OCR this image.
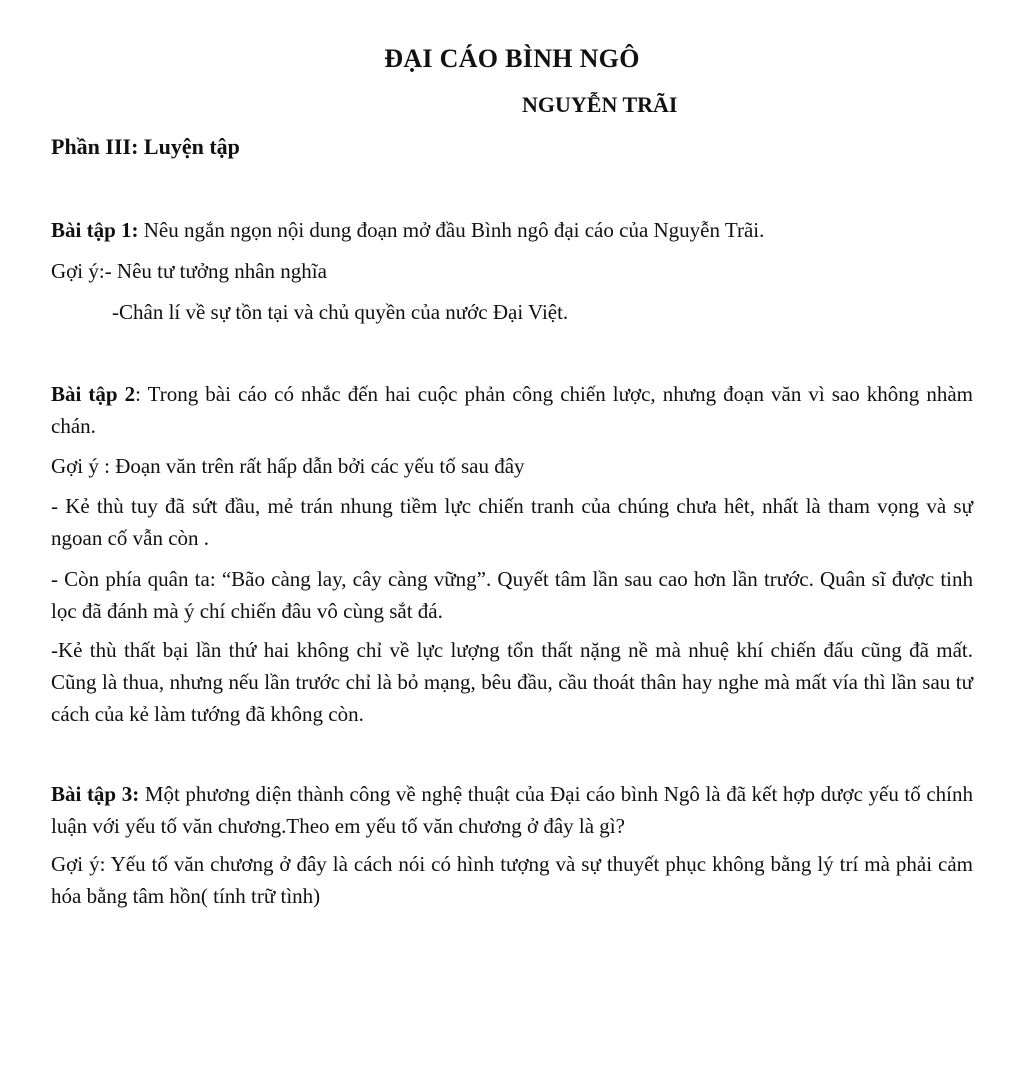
ĐẠI CÁO BÌNH NGÔ
NGUYỄN TRÃI
Phần III: Luyện tập

Bài tập 1: Nêu ngắn ngọn nội dung đoạn mở đầu Bình ngô đại cáo của Nguyễn Trãi.

Gợi ý:- Nêu tư tưởng nhân nghĩa

-Chân lí về sự tồn tại và chủ quyền của nước Đại Việt.

Bài tập 2: Trong bài cáo có nhắc đến hai cuộc phản công chiến lược, nhưng đoạn văn vì sao không nhàm chán.

Gợi ý : Đoạn văn trên rất hấp dẫn bởi các yếu tố sau đây

- Kẻ thù tuy đã sứt đầu, mẻ trán nhung tiềm lực chiến tranh của chúng chưa hêt, nhất là tham vọng và sự ngoan cố vẫn còn .

- Còn phía quân ta: “Bão càng lay, cây càng vững”. Quyết tâm lần sau cao hơn lần trước. Quân sĩ được tinh lọc đã đánh mà ý chí chiến đâu vô cùng sắt đá.

-Kẻ thù thất bại lần thứ hai không chỉ về lực lượng tổn thất nặng nề mà nhuệ khí chiến đấu cũng đã mất. Cũng là thua, nhưng nếu lần trước chỉ là bỏ mạng, bêu đầu, cầu thoát thân hay nghe mà mất vía thì lần sau tư cách của kẻ làm tướng đã không còn.

Bài tập 3: Một phương diện thành công về nghệ thuật của Đại cáo bình Ngô là đã kết hợp dược yếu tố chính luận với yếu tố văn chương.Theo em yếu tố văn chương ở đây là gì?

Gợi ý: Yếu tố văn chương ở đây là cách nói có hình tượng và sự thuyết phục không bằng lý trí mà phải cảm hóa bằng tâm hồn( tính trữ tình)
